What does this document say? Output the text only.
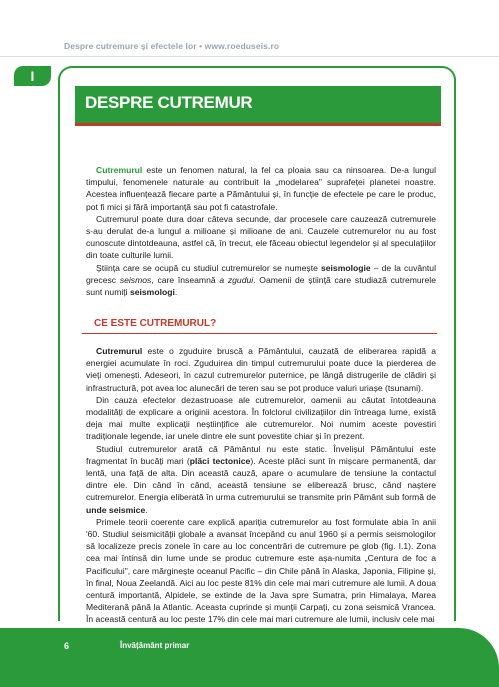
Despre cutremure și efectele lor • www.roeduseis.ro
I
DESPRE CUTREMUR

Cutremurul este un fenomen natural, la fel ca ploaia sau ca ninsoarea. De-a lungul timpului, fenomenele naturale au contribuit la „modelarea" suprafeței planetei noastre. Acestea influențează fiecare parte a Pământului și, în funcție de efectele pe care le produc, pot fi mici și fără importanță sau pot fi catastrofale.

Cutremurul poate dura doar câteva secunde, dar procesele care cauzează cutremurele s-au derulat de-a lungul a milioane și milioane de ani. Cauzele cutremurelor nu au fost cunoscute dintotdeauna, astfel că, în trecut, ele făceau obiectul legendelor și al speculațiilor din toate culturile lumii.

Știința care se ocupă cu studiul cutremurelor se numește seismologie – de la cuvântul grecesc seismos, care înseamnă a zgudui. Oamenii de știință care studiază cutremurele sunt numiți seismologi.

CE ESTE CUTREMURUL?

Cutremurul este o zguduire bruscă a Pământului, cauzată de eliberarea rapidă a energiei acumulate în roci. Zguduirea din timpul cutremurului poate duce la pierderea de vieți omenești. Adeseori, în cazul cutremurelor puternice, pe lângă distrugerile de clădiri și infrastructură, pot avea loc alunecări de teren sau se pot produce valuri uriașe (tsunami).

Din cauza efectelor dezastruoase ale cutremurelor, oamenii au căutat întotdeauna modalități de explicare a originii acestora. În folclorul civilizațiilor din întreaga lume, există deja mai multe explicații neștiințifice ale cutremurelor. Noi numim aceste povestiri tradiționale legende, iar unele dintre ele sunt povestite chiar și în prezent.

Studiul cutremurelor arată că Pământul nu este static. Învelișul Pământului este fragmentat în bucăți mari (plăci tectonice). Aceste plăci sunt în mișcare permanentă, dar lentă, una față de alta. Din această cauză, apare o acumulare de tensiune la contactul dintre ele. Din când în când, această tensiune se eliberează brusc, când naștere cutremurelor. Energia eliberată în urma cutremurului se transmite prin Pământ sub formă de unde seismice.

Primele teorii coerente care explică apariția cutremurelor au fost formulate abia în anii '60. Studiul seismicității globale a avansat începând cu anul 1960 și a permis seismologilor să localizeze precis zonele în care au loc concentrări de cutremure pe glob (fig. I.1). Zona cea mai întinsă din lume unde se produc cutremure este așa-numita „Centura de foc a Pacificului", care mărginește oceanul Pacific – din Chile până în Alaska, Japonia, Filipine și, în final, Noua Zeelandă. Aici au loc peste 81% din cele mai mari cutremure ale lumii. A doua centură importantă, Alpidele, se extinde de la Java spre Sumatra, prin Himalaya, Marea Mediterană până la Atlantic. Aceasta cuprinde și munții Carpați, cu zona seismică Vrancea. În această centură au loc peste 17% din cele mai mari cutremure ale lumii, inclusiv cele mai

6	Învățământ primar
